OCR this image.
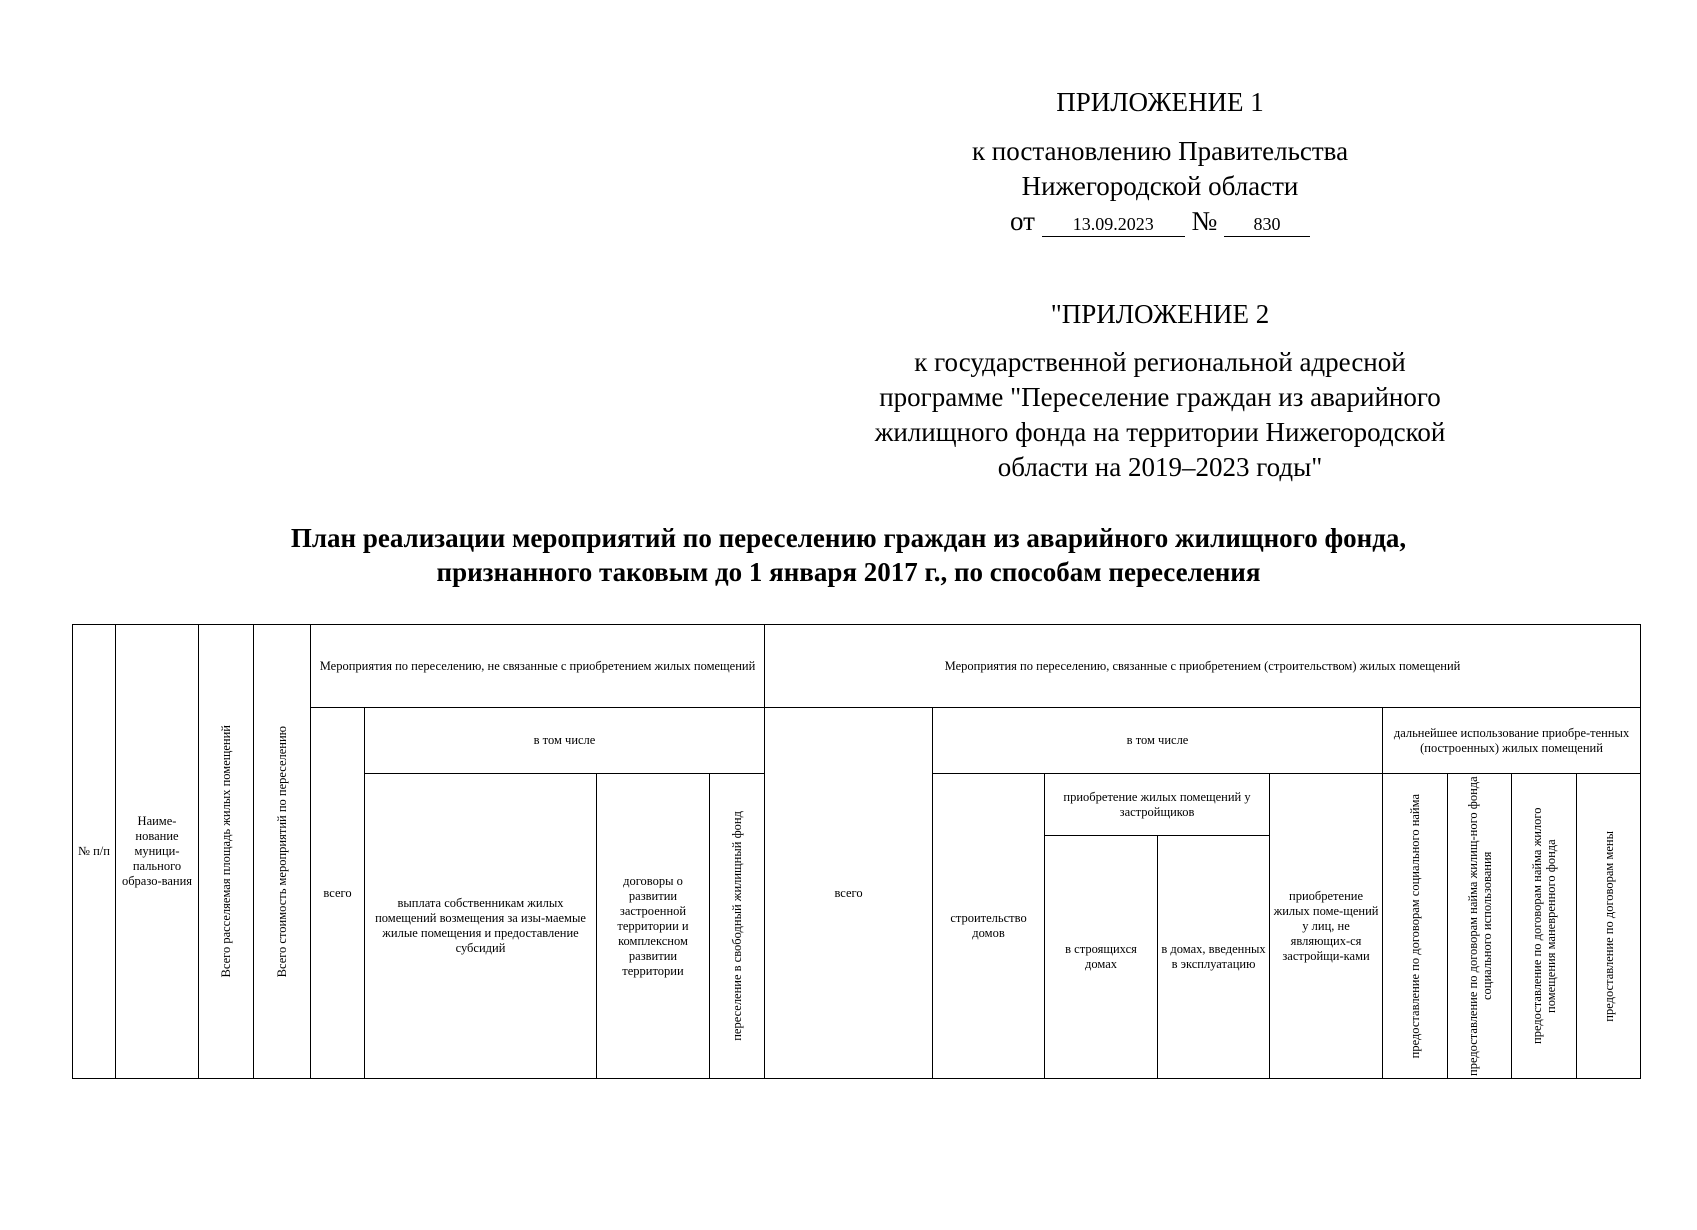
ПРИЛОЖЕНИЕ 1
к постановлению Правительства
Нижегородской области
от 13.09.2023 № 830
"ПРИЛОЖЕНИЕ 2
к государственной региональной адресной
программе "Переселение граждан из аварийного
жилищного фонда на территории Нижегородской
области на 2019–2023 годы"
План реализации мероприятий по переселению граждан из аварийного жилищного фонда,
признанного таковым до 1 января 2017 г., по способам переселения
№ п/п	Наиме-нование муници-пального образо-вания	Всего расселяемая площадь жилых помещений	Всего стоимость мероприятий по переселению	Мероприятия по переселению, не связанные с приобретением жилых помещений				Мероприятия по переселению, связанные с приобретением (строительством) жилых помещений								
				всего	в том числе			всего	в том числе				дальнейшее использование приобре-тенных (построенных) жилых помещений			
					выплата собственникам жилых помещений возмещения за изы-маемые жилые помещения и предоставление субсидий	договоры о развитии застроенной территории и комплексном развитии территории	переселение в свободный жилищный фонд		строительство домов	приобретение жилых помещений у застройщиков		приобретение жилых поме-щений у лиц, не являющих-ся застройщи-ками	предоставление по договорам социального найма	предоставление по договорам найма жилищ-ного фонда социального использования	предоставление по договорам найма жилого помещения маневренного фонда	предоставление по договорам мены

										в строящихся домах	в домах, введенных в эксплуатацию					
